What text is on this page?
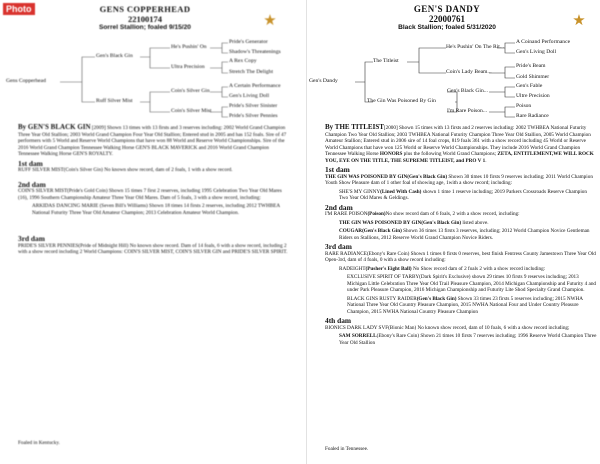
Photo
★
GENS COPPERHEAD
22100174
Sorrel Stallion; foaled 9/15/20
Gens Copperhead
Gen's Black Gin
Ruff Silver Mist
He's Pushin' On
Ultra Precision
Coin's Silver Gin
Coin's Silver Mist
Pride's Generator
Shadow's Threatenings
A Rex Copy
Stretch The Delight
A Certain Performance
Gen's Living Doll
Pride's Silver Sinister
Pride's Silver Pennies

By GEN'S BLACK GIN [2009] Shown 13 times with 13 firsts and 3 reserves including: 2002 World Grand Champion Three Year Old Stallion; 2003 World Grand Champion Four Year Old Stallion; Entered stud in 2005 and has 152 foals. Sire of 47 performers with 5 World and Reserve World Champions that have won 88 World and Reserve World Championships. Sire of the 2016 World Grand Champion Tennessee Walking Horse GEN'S BLACK MAVERICK and 2016 World Grand Champion Tennessee Walking Horse GEN'S ROYALTY.

1st dam

RUFF SILVER MIST(Coin's Silver Gin) No known show record, dam of 2 foals, 1 with a show record.

2nd dam

COIN'S SILVER MIST(Pride's Gold Coin) Shown 15 times 7 first 2 reserves, including 1995 Celebration Two Year Old Mares (16), 1996 Southern Championship Amateur Three Year Old Mares. Dam of 5 foals, 3 with a show record, including:

ARKIDAS DANCING MARIE (Seven Bill's Williams) Shown 18 times 14 firsts 2 reserves, including 2012 TWHBEA National Futurity Three Year Old Amateur Champion; 2013 Celebration Amateur World Champion.

3rd dam

PRIDE'S SILVER PENNIES(Pride of Midnight Hill) No known show record. Dam of 14 foals, 6 with a show record, including 2 with a show record including 2 World Champions: COIN'S SILVER MIST, COIN'S SILVER GIN and PRIDE'S SILVER SPIRIT.

Foaled in Kentucky.
★
GEN'S DANDY
22000761
Black Stallion; foaled 5/31/2020
Gen's Dandy
The Titleist
The Gin Was Poisoned By Gin
He's Pushin' On The Rit...
Coin's Lady Beam...
Gen's Black Gin...
I'm Rare Poison...
A Coinand Performance
Gen's Living Doll
Pride's Beam
Gold Shimmer
Gen's Fable
Ultre Precision
Poison
Rare Radiance

By THE TITLEIST[2000] Shown 15 times with 13 firsts and 2 reserves including: 2002 TWHBEA National Futurity Champion Two Year Old Stallion; 2003 TWHBEA National Futurity Champion Three Year Old Stallion, 2005 World Champion Amateur Stallion; Entered stud in 2006 sire of 14 foal crops, 819 foals 361 with a show record including 45 World or Reserve World Champions that have won 125 World or Reserve World Championships. They include 2016 World Grand Champion Tennessee Walking Horse HONORS plus the following World Grand Champions; ZETA, ENTITLEMENT,WE WILL ROCK YOU, EYE ON THE TITLE, THE SUPREME TITLEIST, and PRO V 1.

1st dam

THE GIN WAS POISONED BY GIN(Gen's Black Gin) Shown 30 times 10 firsts 9 reserves including; 2011 World Champion Youth Show Pleasure dam of 1 other foal of showing age, 1with a show record; including:

SHE'S MY GINNY(Lined With Cash) shown 1 time 1 reserve including; 2019 Parkers Crossroads Reserve Champion Two Year Old Mares & Geldings.

2nd dam

I'M RARE POISON(Poison)No show record dam of 6 foals, 2 with a show record, including:

THE GIN WAS POISONED BY GIN(Gen's Black Gin) listed above.

COUGAR(Gen's Black Gin) Shown 36 times 13 firsts 3 reserves, including; 2012 World Champion Novice Gentleman Riders on Stallions, 2012 Reserve World Grand Champion Novice Riders.

3rd dam

RARE RADIANCE(Ebony's Rare Coin) Shown 1 times 0 firsts 0 reserves, best finish Fentress County Jamestown Three Year Old Open-3rd, dam of 4 foals, 0 with a show record including:

RADEIGHT(Pusher's Eight Ball) No Show record dam of 2 foals 2 with a show record including:

EXCLUSIVE SPIRIT OF TARBY(Dark Spirit's Exclusive) shown 29 times 10 firsts 9 reserves including; 2013 Michigan Little Celebration Three Year Old Trail Pleasure Champion, 2014 Michigan Championship and Futurity 4 and under Park Pleasure Champion, 2016 Michigan Championship and Futurity Lite Shod Specialty Grand Champion.

BLACK GINS RUSTY RAIDER(Gen's Black Gin) Shown 33 times 23 firsts 5 reserves including; 2015 NWHA National Three Year Old Country Pleasure Champion, 2015 NWHA National Four and Under Country Pleasure Champion, 2015 NWHA National Country Pleasure Champion

4th dam

BIONICS DARK LADY SVF(Bionic Man) No known show record, dam of 10 foals, 6 with a show record including;

SAM SORRELL(Ebony's Rare Coin) Shown 21 times 10 firsts 7 reserves including; 1996 Reserve World Champion Three Year Old Stallion

Foaled in Tennessee.
